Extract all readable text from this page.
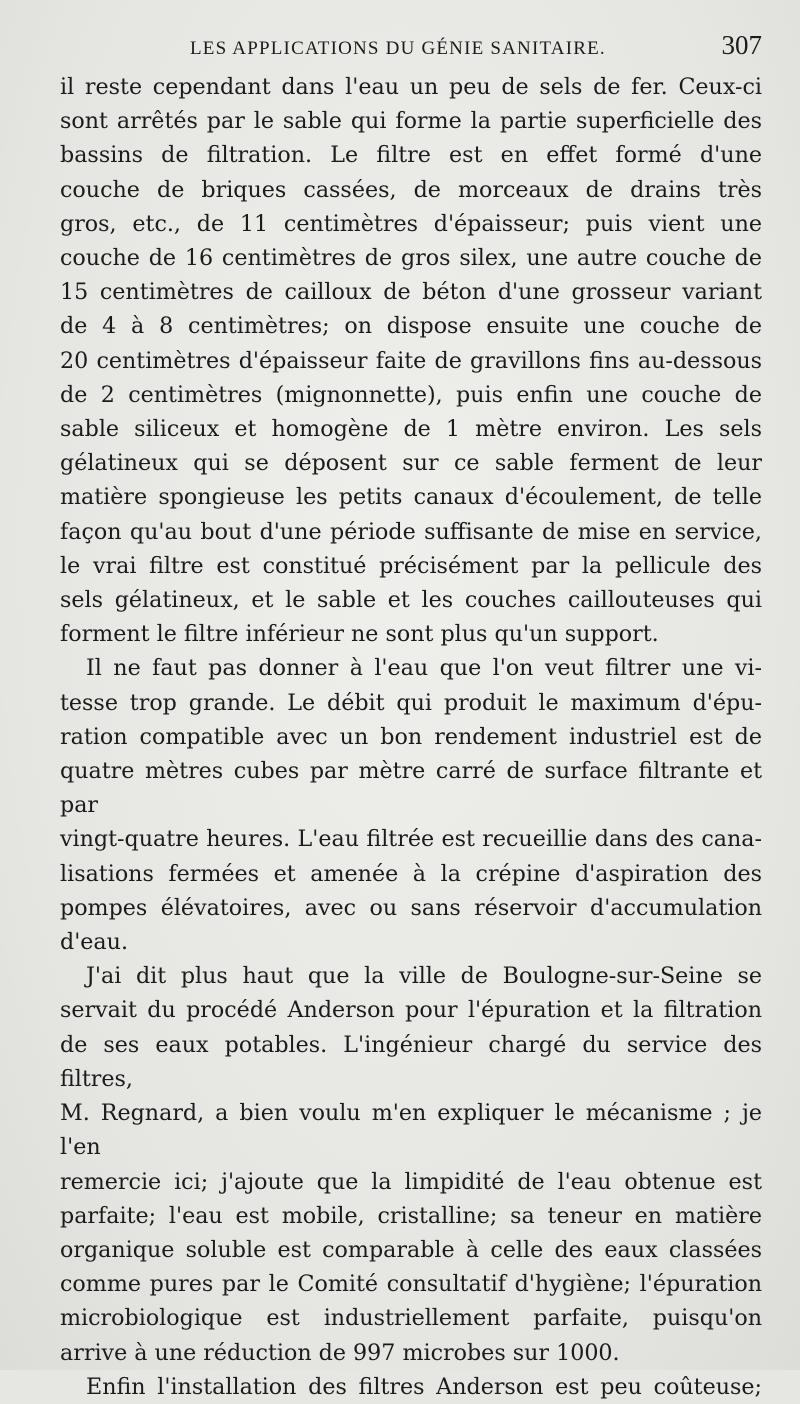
LES APPLICATIONS DU GÉNIE SANITAIRE.	307

il reste cependant dans l'eau un peu de sels de fer. Ceux-ci

sont arrêtés par le sable qui forme la partie superficielle des

bassins de filtration. Le filtre est en effet formé d'une

couche de briques cassées, de morceaux de drains très

gros, etc., de 11 centimètres d'épaisseur; puis vient une

couche de 16 centimètres de gros silex, une autre couche de

15 centimètres de cailloux de béton d'une grosseur variant

de 4 à 8 centimètres; on dispose ensuite une couche de

20 centimètres d'épaisseur faite de gravillons fins au-dessous

de 2 centimètres (mignonnette), puis enfin une couche de

sable siliceux et homogène de 1 mètre environ. Les sels

gélatineux qui se déposent sur ce sable ferment de leur

matière spongieuse les petits canaux d'écoulement, de telle

façon qu'au bout d'une période suffisante de mise en service,

le vrai filtre est constitué précisément par la pellicule des

sels gélatineux, et le sable et les couches caillouteuses qui

forment le filtre inférieur ne sont plus qu'un support.

Il ne faut pas donner à l'eau que l'on veut filtrer une vi-

tesse trop grande. Le débit qui produit le maximum d'épu-

ration compatible avec un bon rendement industriel est de

quatre mètres cubes par mètre carré de surface filtrante et par

vingt-quatre heures. L'eau filtrée est recueillie dans des cana-

lisations fermées et amenée à la crépine d'aspiration des

pompes élévatoires, avec ou sans réservoir d'accumulation

d'eau.

J'ai dit plus haut que la ville de Boulogne-sur-Seine se

servait du procédé Anderson pour l'épuration et la filtration

de ses eaux potables. L'ingénieur chargé du service des filtres,

M. Regnard, a bien voulu m'en expliquer le mécanisme ; je l'en

remercie ici; j'ajoute que la limpidité de l'eau obtenue est

parfaite; l'eau est mobile, cristalline; sa teneur en matière

organique soluble est comparable à celle des eaux classées

comme pures par le Comité consultatif d'hygiène; l'épuration

microbiologique est industriellement parfaite, puisqu'on

arrive à une réduction de 997 microbes sur 1000.

Enfin l'installation des filtres Anderson est peu coûteuse;
